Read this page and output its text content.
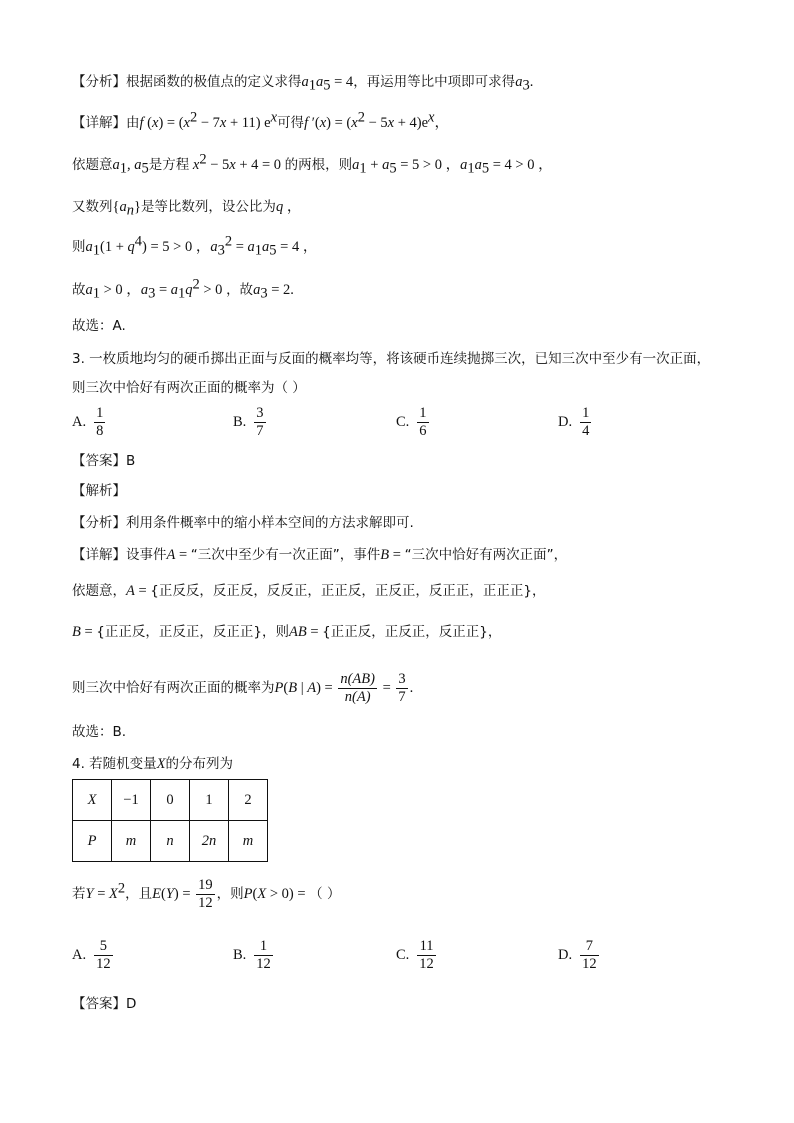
【分析】根据函数的极值点的定义求得$a_1a_5 = 4$，再运用等比中项即可求得$a_3$.
【详解】由f $(x) = (x^2 - 7x + 11)$ $e^x$可得f $'(x) = (x^2 - 5x + 4)e^x$，
依题意$a_1$, $a_5$是方程 $x^2 - 5x + 4 = 0$ 的两根，则$a_1 + a_5 = 5 > 0$ ，$a_1a_5 = 4 > 0$ ，
又数列$\{a_n\}$是等比数列，设公比为q ，
则$a_1(1 + q^4) = 5 > 0$ ，$a_3^2 = a_1a_5 = 4$ ，
故$a_1 > 0$ ，$a_3 = a_1q^2 > 0$ ，故$a_3 = 2$.
故选：A.
3. 一枚质地均匀的硬币掷出正面与反面的概率均等，将该硬币连续抛掷三次，已知三次中至少有一次正面，
则三次中恰好有两次正面的概率为（ ）
A. $\frac{1}{8}$	B. $\frac{3}{7}$	C. $\frac{1}{6}$	D. $\frac{1}{4}$
【答案】B
【解析】
【分析】利用条件概率中的缩小样本空间的方法求解即可.
【详解】设事件A = “三次中至少有一次正面”，事件B = “三次中恰好有两次正面”，
依题意，A = {正反反，反正反，反反正，正正反，正反正，反正正，正正正}，
B = {正正反，正反正，反正正}，则AB = {正正反，正反正，反正正}，
则三次中恰好有两次正面的概率为P(B | $A) = \frac{n(AB)}{n(A)} = \frac{3}{7}$ .
故选：B.
4. 若随机变量X的分布列为
X	−1	0	1	2
P	m	n	2n	m
若$Y = X^2$，且$E(Y) = \frac{19}{12}$ ，则P(X > 0) = （ ）
A. $\frac{5}{12}$	B. $\frac{1}{12}$	C. $\frac{11}{12}$	D. $\frac{7}{12}$
【答案】D
